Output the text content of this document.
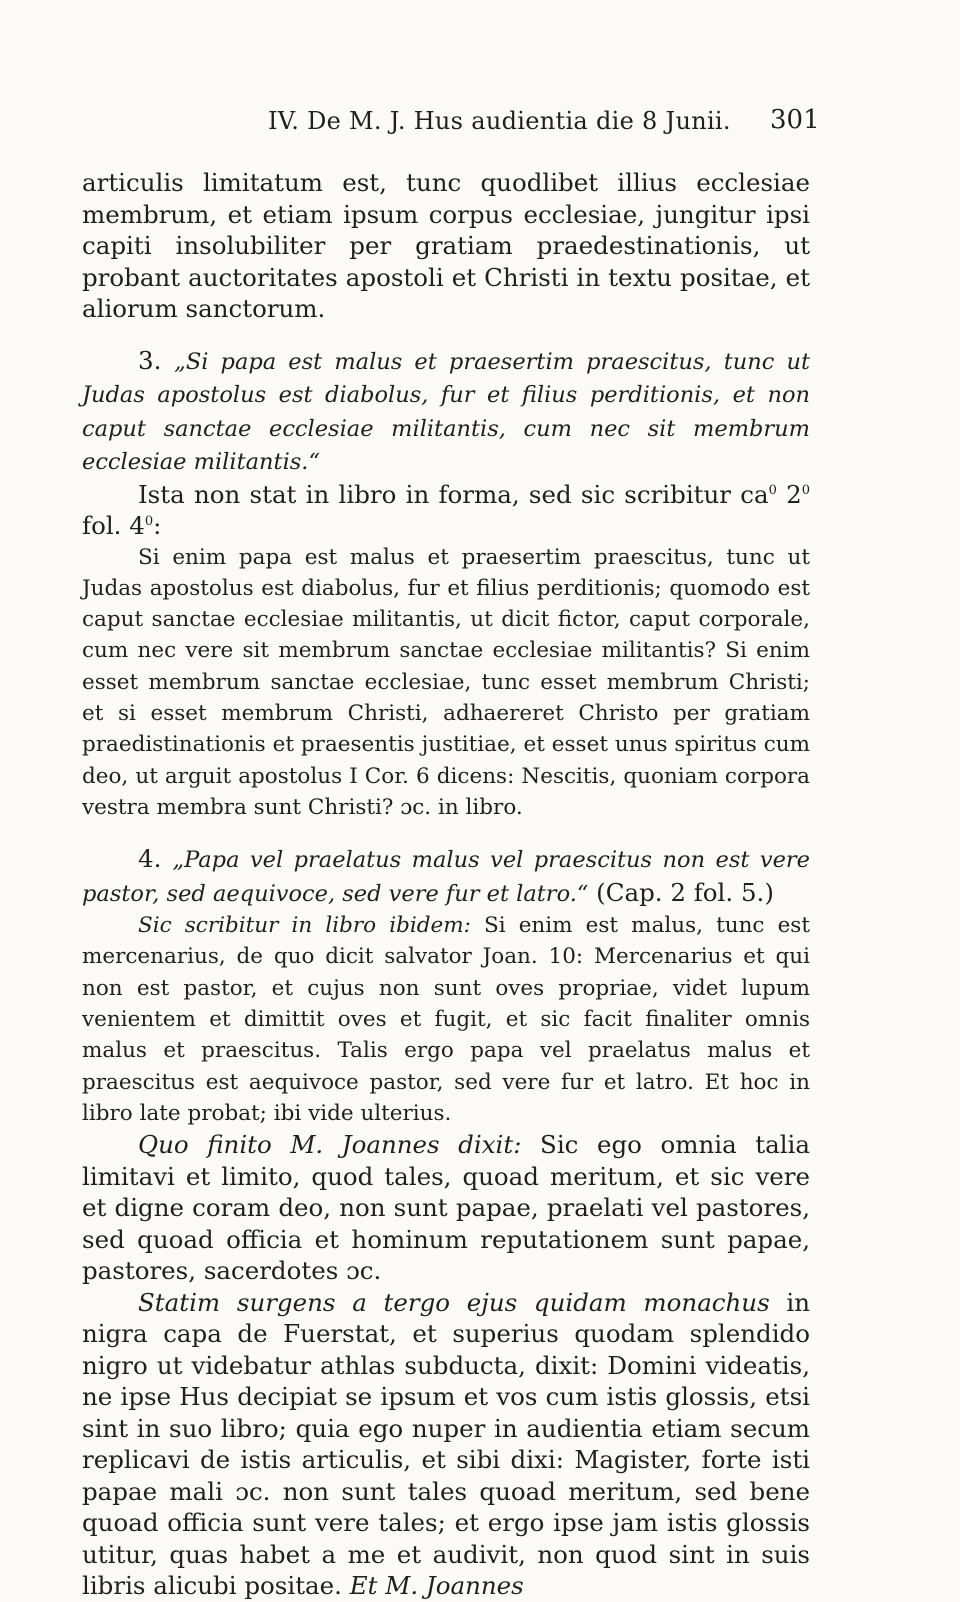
IV. De M. J. Hus audientia die 8 Junii. 301

articulis limitatum est, tunc quodlibet illius ecclesiae membrum, et etiam ipsum corpus ecclesiae, jungitur ipsi capiti insolubiliter per gratiam praedestinationis, ut probant auctoritates apostoli et Christi in textu positae, et aliorum sanctorum.

3. „Si papa est malus et praesertim praescitus, tunc ut Judas apostolus est diabolus, fur et filius perditionis, et non caput sanctae ecclesiae militantis, cum nec sit membrum ecclesiae militantis.“

Ista non stat in libro in forma, sed sic scribitur $ca^0$ $2^0$ fol. $4^0$:

Si enim papa est malus et praesertim praescitus, tunc ut Judas apostolus est diabolus, fur et filius perditionis; quomodo est caput sanctae ecclesiae militantis, ut dicit fictor, caput corporale, cum nec vere sit membrum sanctae ecclesiae militantis? Si enim esset membrum sanctae ecclesiae, tunc esset membrum Christi; et si esset membrum Christi, adhaereret Christo per gratiam praedistinationis et praesentis justitiae, et esset unus spiritus cum deo, ut arguit apostolus I Cor. 6 dicens: Nescitis, quoniam corpora vestra membra sunt Christi? ɔc. in libro.

4. „Papa vel praelatus malus vel praescitus non est vere pastor, sed aequivoce, sed vere fur et latro.“ (Cap. 2 fol. 5.)

Sic scribitur in libro ibidem: Si enim est malus, tunc est mercenarius, de quo dicit salvator Joan. 10: Mercenarius et qui non est pastor, et cujus non sunt oves propriae, videt lupum venientem et dimittit oves et fugit, et sic facit finaliter omnis malus et praescitus. Talis ergo papa vel praelatus malus et praescitus est aequivoce pastor, sed vere fur et latro. Et hoc in libro late probat; ibi vide ulterius.

Quo finito M. Joannes dixit: Sic ego omnia talia limitavi et limito, quod tales, quoad meritum, et sic vere et digne coram deo, non sunt papae, praelati vel pastores, sed quoad officia et hominum reputationem sunt papae, pastores, sacerdotes ɔc.

Statim surgens a tergo ejus quidam monachus in nigra capa de Fuerstat, et superius quodam splendido nigro ut videbatur athlas subducta, dixit: Domini videatis, ne ipse Hus decipiat se ipsum et vos cum istis glossis, etsi sint in suo libro; quia ego nuper in audientia etiam secum replicavi de istis articulis, et sibi dixi: Magister, forte isti papae mali ɔc. non sunt tales quoad meritum, sed bene quoad officia sunt vere tales; et ergo ipse jam istis glossis utitur, quas habet a me et audivit, non quod sint in suis libris alicubi positae. Et M. Joannes
